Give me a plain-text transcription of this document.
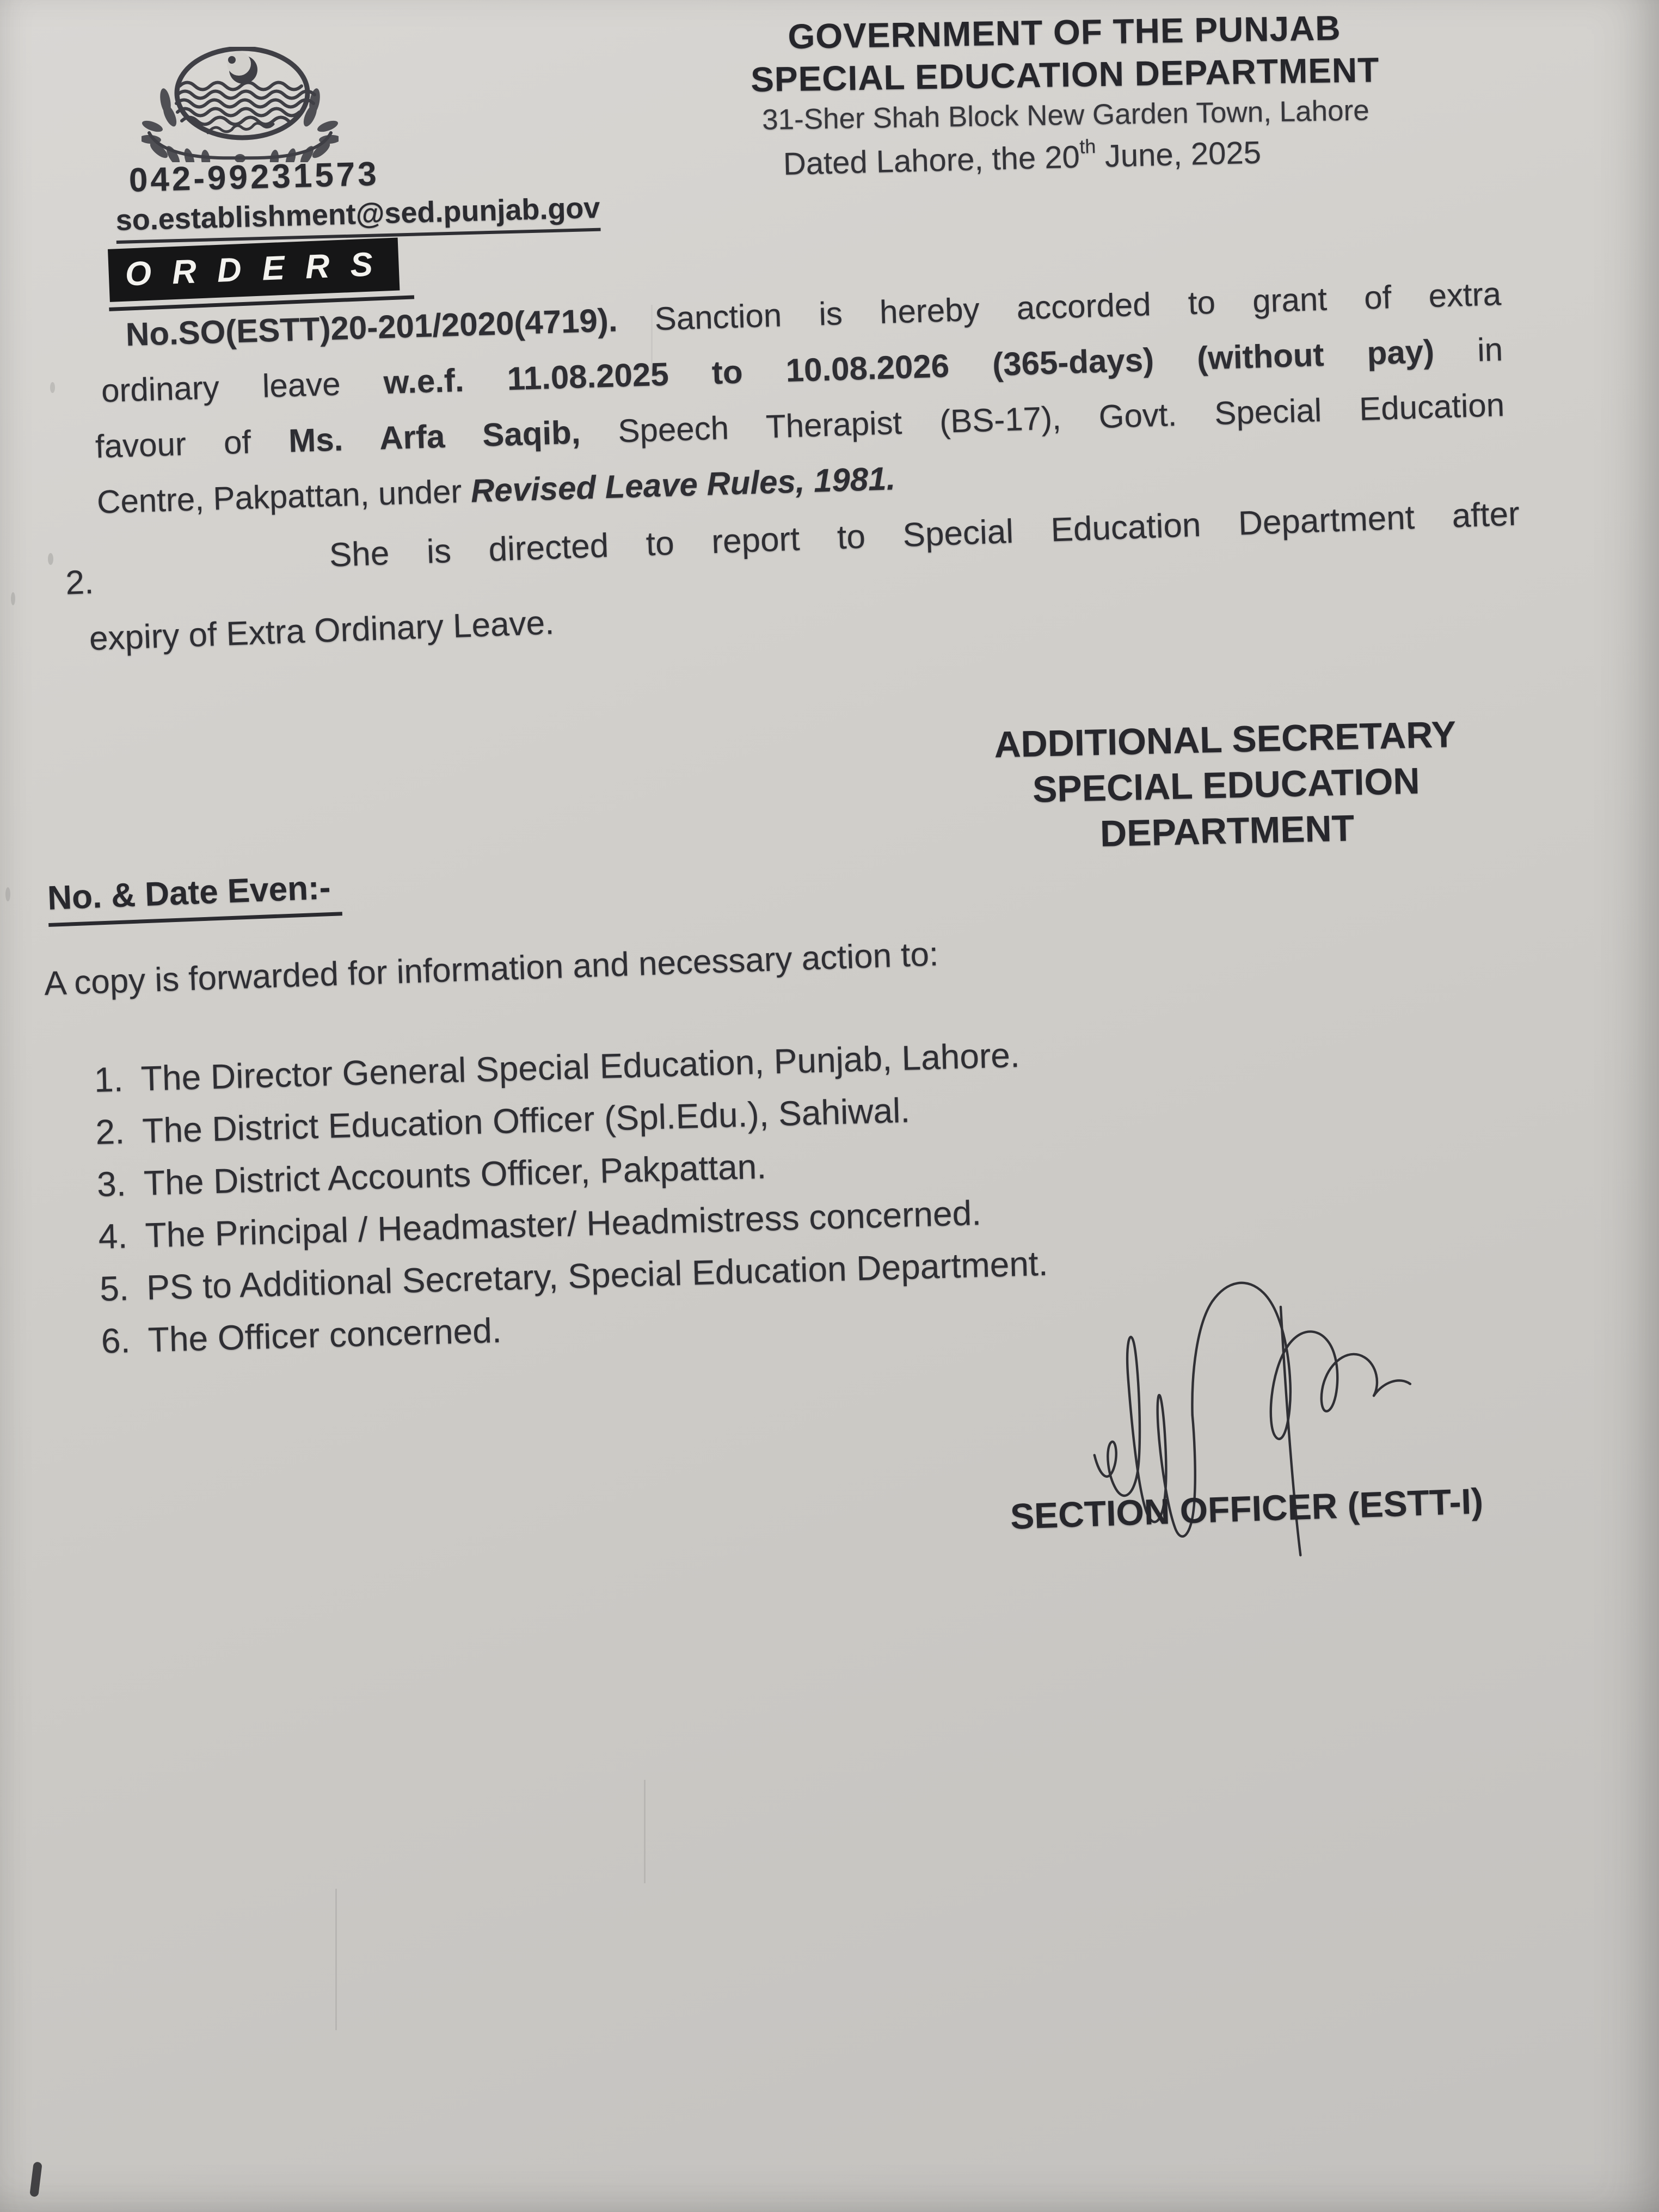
GOVERNMENT OF THE PUNJAB
SPECIAL EDUCATION DEPARTMENT
31-Sher Shah Block New Garden Town, Lahore
Dated Lahore, the 20th June, 2025
042-99231573
so.establishment@sed.punjab.gov
ORDERS
No.SO(ESTT)20-201/2020(4719). Sanction is hereby accorded to grant of extra
ordinary leave w.e.f. 11.08.2025 to 10.08.2026 (365-days) (without pay) in
favour of Ms. Arfa Saqib, Speech Therapist (BS-17), Govt. Special Education
Centre, Pakpattan, under Revised Leave Rules, 1981.
2.
She is directed to report to Special Education Department after
expiry of Extra Ordinary Leave.
ADDITIONAL SECRETARY
SPECIAL EDUCATION
DEPARTMENT
No. & Date Even:-
A copy is forwarded for information and necessary action to:
1. The Director General Special Education, Punjab, Lahore.
2. The District Education Officer (Spl.Edu.), Sahiwal.
3. The District Accounts Officer, Pakpattan.
4. The Principal / Headmaster/ Headmistress concerned.
5. PS to Additional Secretary, Special Education Department.
6. The Officer concerned.
SECTION OFFICER (ESTT-I)
